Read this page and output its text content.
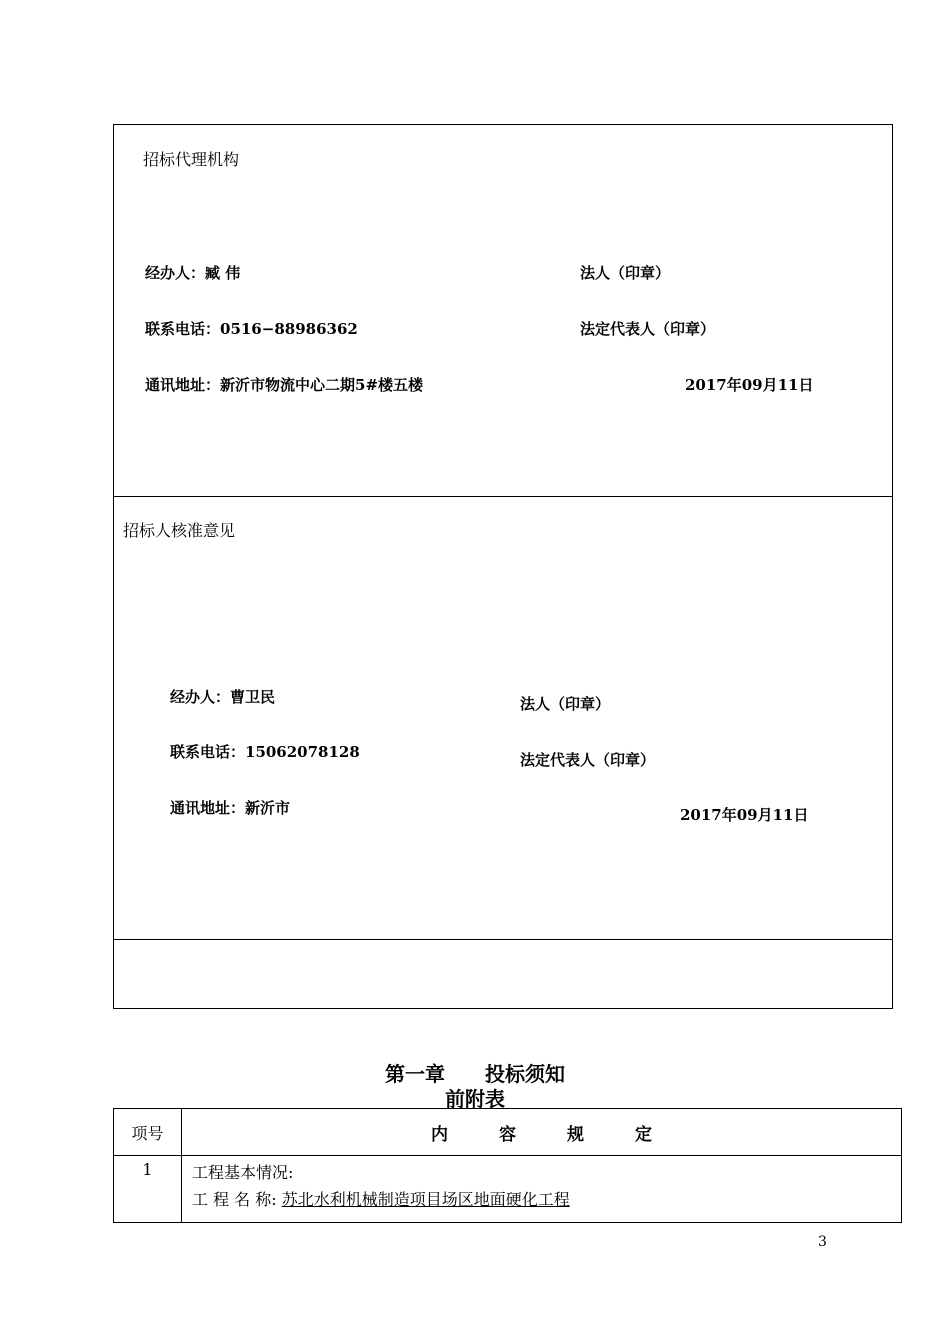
招标代理机构
经办人：臧 伟	法人（印章）
联系电话：0516−88986362	法定代表人（印章）
通讯地址：新沂市物流中心二期5#楼五楼	2017年09月11日
招标人核准意见
经办人：曹卫民	法人（印章）
联系电话：15062078128	法定代表人（印章）
通讯地址：新沂市	2017年09月11日
第一章　　投标须知
前附表
项号	内　　　容　　　规　　　定
1	工程基本情况:
工 程 名 称: 苏北水利机械制造项目场区地面硬化工程
3
